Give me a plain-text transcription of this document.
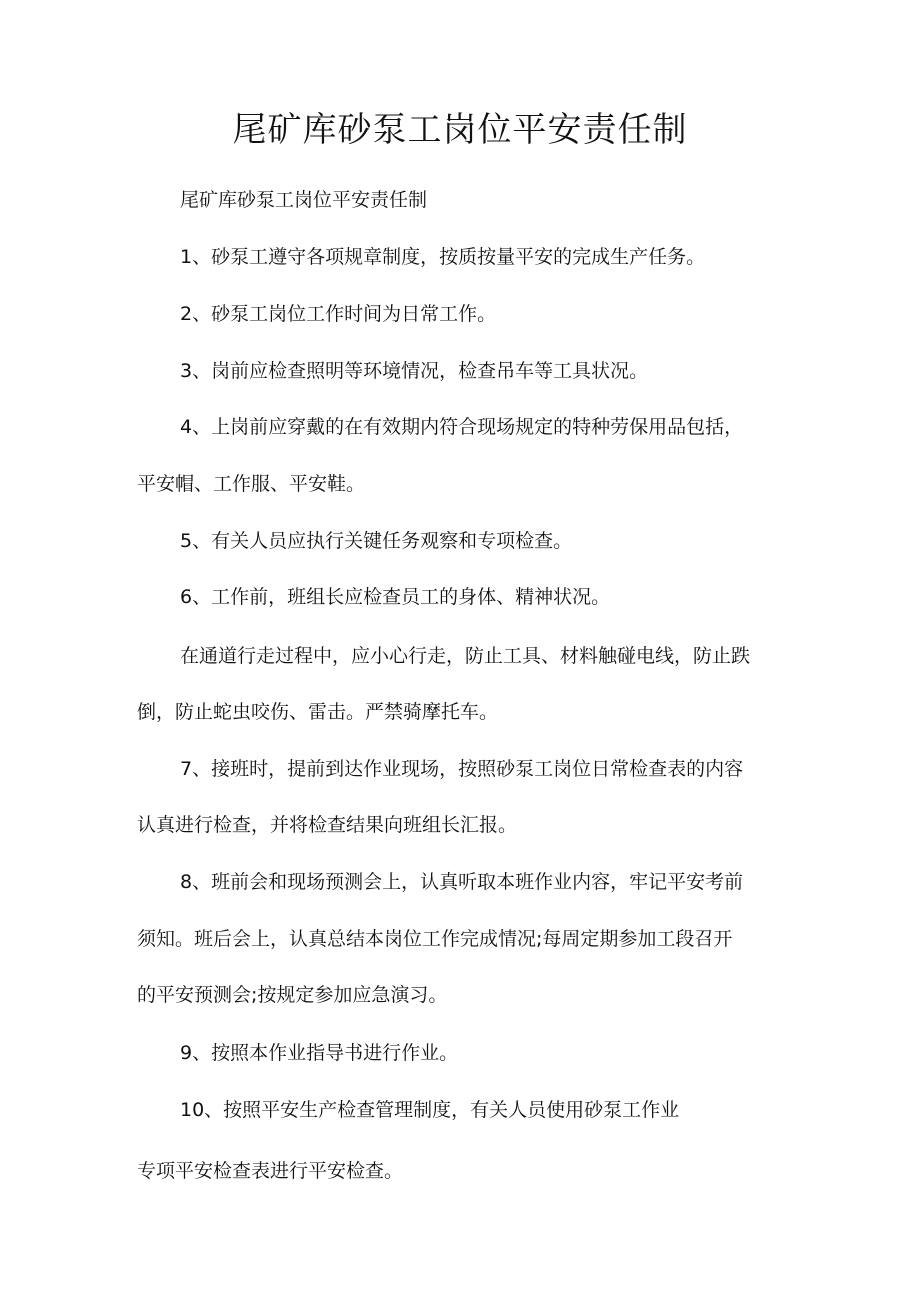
尾矿库砂泵工岗位平安责任制
尾矿库砂泵工岗位平安责任制
1、砂泵工遵守各项规章制度，按质按量平安的完成生产任务。
2、砂泵工岗位工作时间为日常工作。
3、岗前应检查照明等环境情况，检查吊车等工具状况。
4、上岗前应穿戴的在有效期内符合现场规定的特种劳保用品包括，
平安帽、工作服、平安鞋。
5、有关人员应执行关键任务观察和专项检查。
6、工作前，班组长应检查员工的身体、精神状况。
在通道行走过程中，应小心行走，防止工具、材料触碰电线，防止跌
倒，防止蛇虫咬伤、雷击。严禁骑摩托车。
7、接班时，提前到达作业现场，按照砂泵工岗位日常检查表的内容
认真进行检查，并将检查结果向班组长汇报。
8、班前会和现场预测会上，认真听取本班作业内容，牢记平安考前
须知。班后会上，认真总结本岗位工作完成情况;每周定期参加工段召开
的平安预测会;按规定参加应急演习。
9、按照本作业指导书进行作业。
10、按照平安生产检查管理制度，有关人员使用砂泵工作业
专项平安检查表进行平安检查。
